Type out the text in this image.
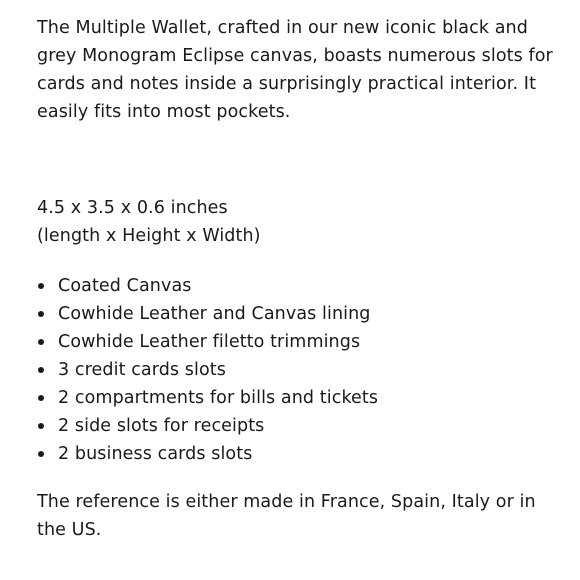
The Multiple Wallet, crafted in our new iconic black and grey Monogram Eclipse canvas, boasts numerous slots for cards and notes inside a surprisingly practical interior. It easily fits into most pockets.

4.5 x 3.5 x 0.6 inches
(length x Height x Width)

Coated Canvas
Cowhide Leather and Canvas lining
Cowhide Leather filetto trimmings
3 credit cards slots
2 compartments for bills and tickets
2 side slots for receipts
2 business cards slots

The reference is either made in France, Spain, Italy or in the US.
